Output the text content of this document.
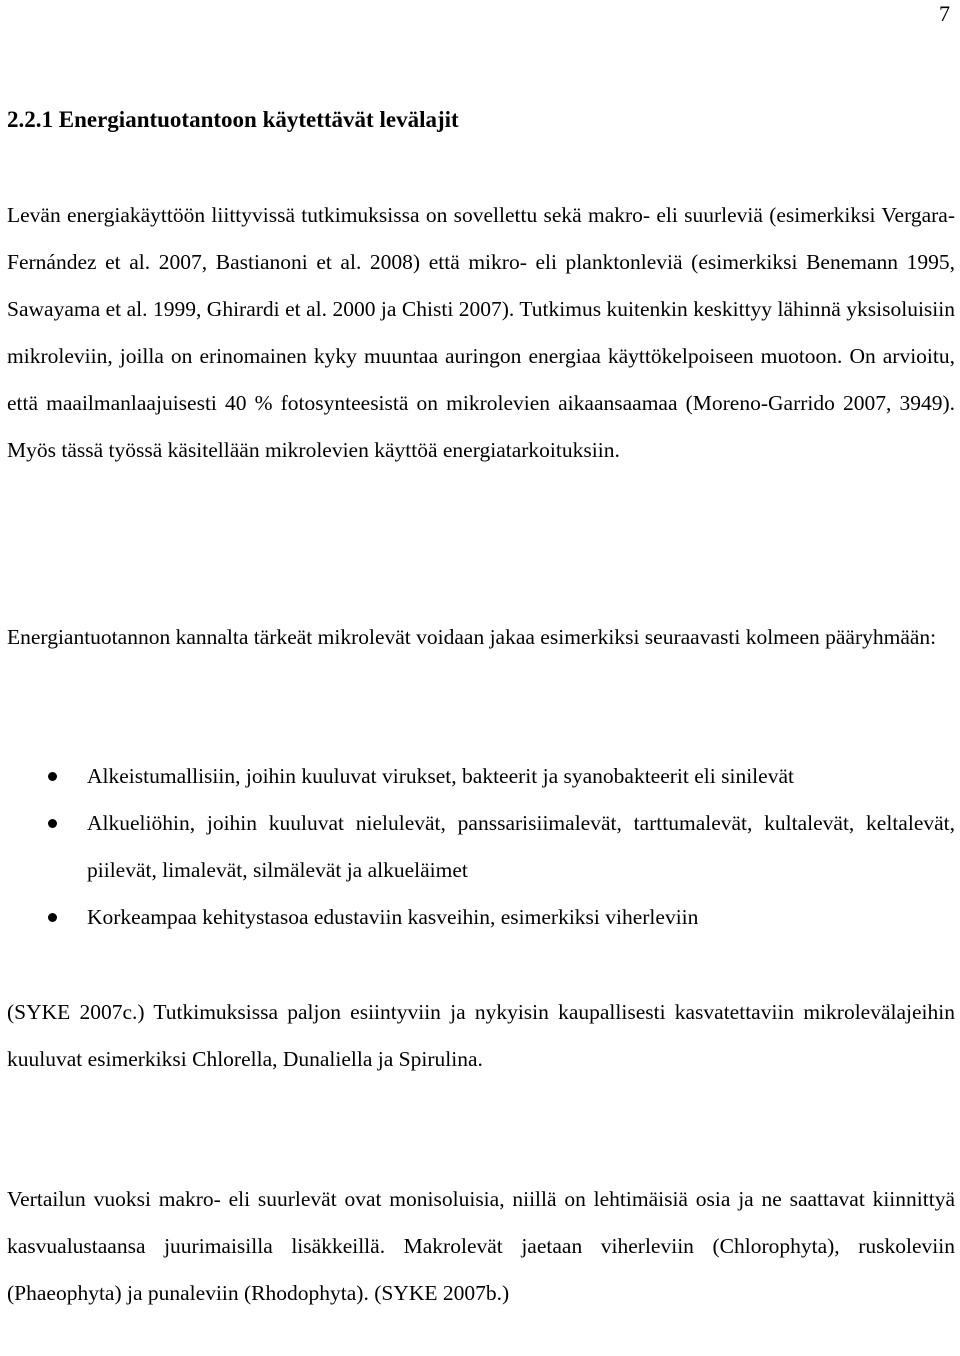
7
2.2.1 Energiantuotantoon käytettävät levälajit

Levän energiakäyttöön liittyvissä tutkimuksissa on sovellettu sekä makro- eli suurleviä (esimerkiksi Vergara-Fernández et al. 2007, Bastianoni et al. 2008) että mikro- eli planktonleviä (esimerkiksi Benemann 1995, Sawayama et al. 1999, Ghirardi et al. 2000 ja Chisti 2007). Tutkimus kuitenkin keskittyy lähinnä yksisoluisiin mikroleviin, joilla on erinomainen kyky muuntaa auringon energiaa käyttökelpoiseen muotoon. On arvioitu, että maailmanlaajuisesti 40 % fotosynteesistä on mikrolevien aikaansaamaa (Moreno-Garrido 2007, 3949). Myös tässä työssä käsitellään mikrolevien käyttöä energiatarkoituksiin.

Energiantuotannon kannalta tärkeät mikrolevät voidaan jakaa esimerkiksi seuraavasti kolmeen pääryhmään:

Alkeistumallisiin, joihin kuuluvat virukset, bakteerit ja syanobakteerit eli sinilevät
Alkueliöhin, joihin kuuluvat nielulevät, panssarisiimalevät, tarttumalevät, kultalevät, keltalevät, piilevät, limalevät, silmälevät ja alkueläimet
Korkeampaa kehitystasoa edustaviin kasveihin, esimerkiksi viherleviin

(SYKE 2007c.) Tutkimuksissa paljon esiintyviin ja nykyisin kaupallisesti kasvatettaviin mikrolevälajeihin kuuluvat esimerkiksi Chlorella, Dunaliella ja Spirulina.

Vertailun vuoksi makro- eli suurlevät ovat monisoluisia, niillä on lehtimäisiä osia ja ne saattavat kiinnittyä kasvualustaansa juurimaisilla lisäkkeillä. Makrolevät jaetaan viherleviin (Chlorophyta), ruskoleviin (Phaeophyta) ja punaleviin (Rhodophyta). (SYKE 2007b.)
